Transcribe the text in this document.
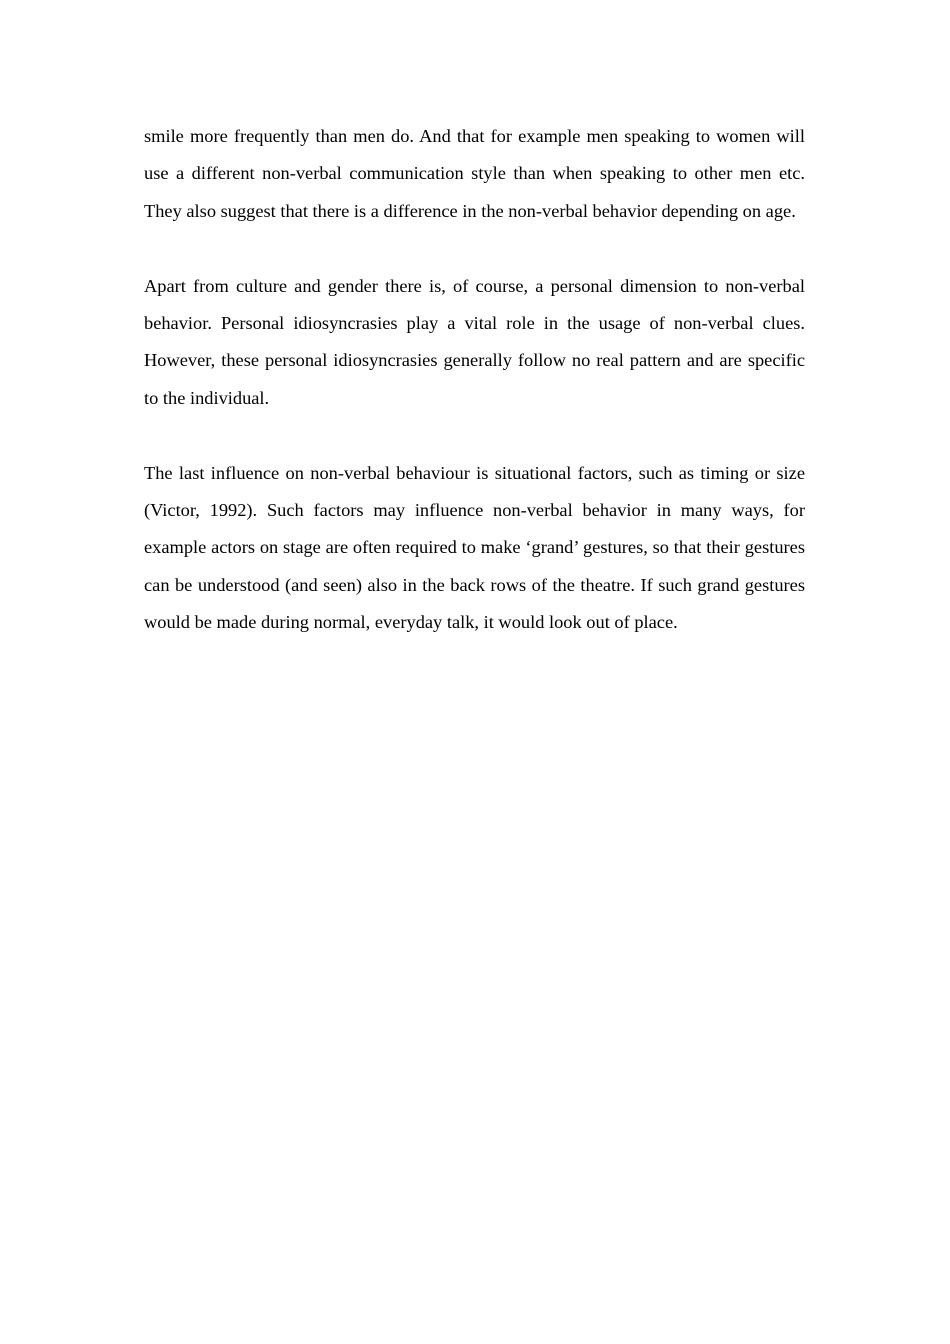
smile more frequently than men do. And that for example men speaking to women will use a different non-verbal communication style than when speaking to other men etc. They also suggest that there is a difference in the non-verbal behavior depending on age.

Apart from culture and gender there is, of course, a personal dimension to non-verbal behavior. Personal idiosyncrasies play a vital role in the usage of non-verbal clues. However, these personal idiosyncrasies generally follow no real pattern and are specific to the individual.

The last influence on non-verbal behaviour is situational factors, such as timing or size (Victor, 1992). Such factors may influence non-verbal behavior in many ways, for example actors on stage are often required to make ‘grand’ gestures, so that their gestures can be understood (and seen) also in the back rows of the theatre. If such grand gestures would be made during normal, everyday talk, it would look out of place.
